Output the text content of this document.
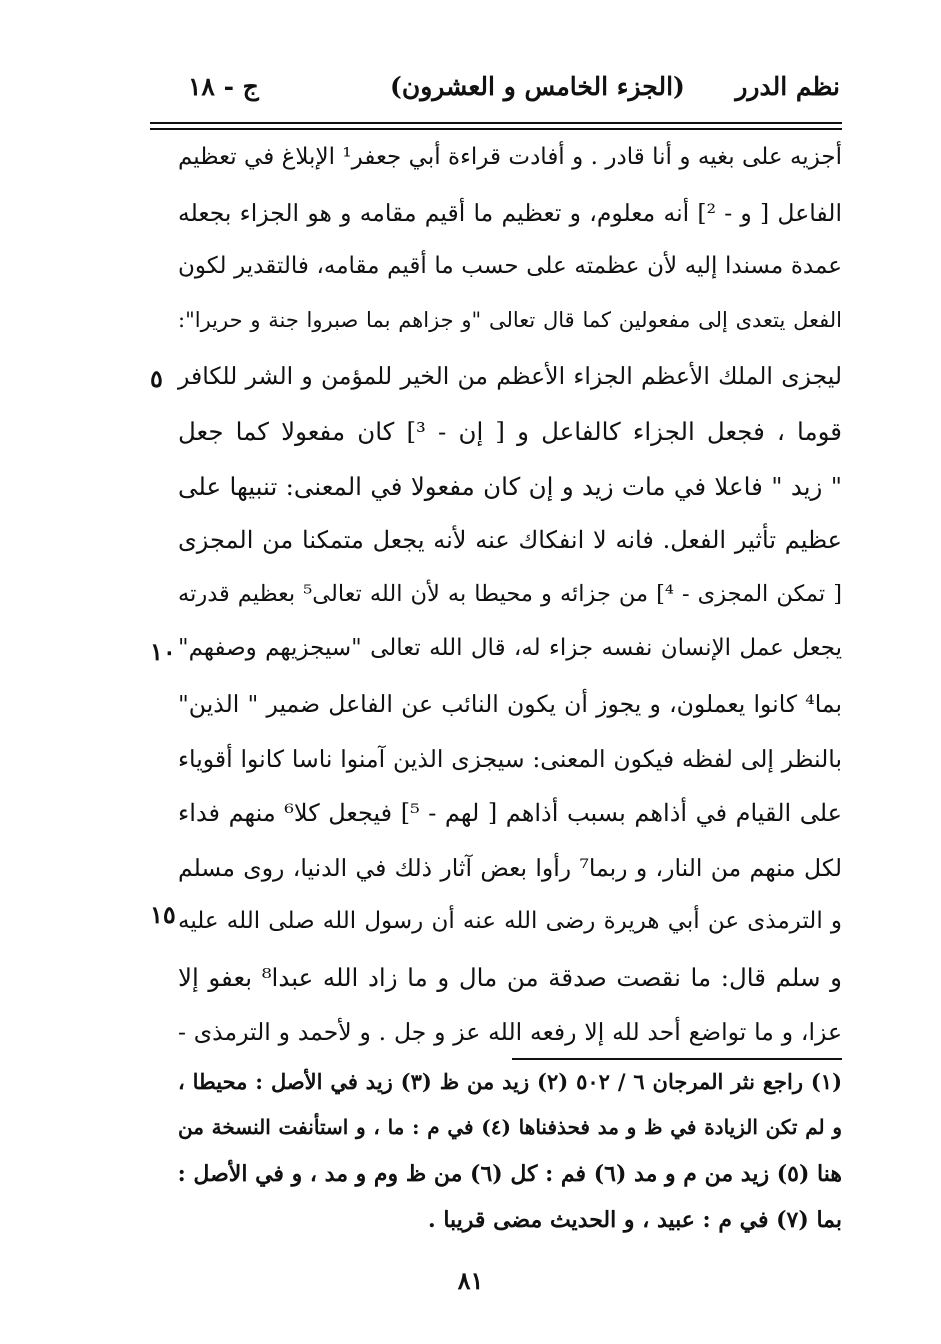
نظم الدرر
(الجزء الخامس و العشرون)
ج - ١٨
أجزيه على بغيه و أنا قادر . و أفادت قراءة أبي جعفر¹ الإبلاغ في تعظيم
الفاعل [ و - ²] أنه معلوم، و تعظيم ما أقيم مقامه و هو الجزاء بجعله
عمدة مسندا إليه لأن عظمته على حسب ما أقيم مقامه، فالتقدير لكون
الفعل يتعدى إلى مفعولين كما قال تعالى "و جزاهم بما صبروا جنة و حريرا":
ليجزى الملك الأعظم الجزاء الأعظم من الخير للمؤمن و الشر للكافر
قوما ، فجعل الجزاء كالفاعل و [ إن - ³] كان مفعولا كما جعل
" زيد " فاعلا في مات زيد و إن كان مفعولا في المعنى: تنبيها على
عظيم تأثير الفعل. فانه لا انفكاك عنه لأنه يجعل متمكنا من المجزى
[ تمكن المجزى - ⁴] من جزائه و محيطا به لأن الله تعالى⁵ بعظيم قدرته
يجعل عمل الإنسان نفسه جزاء له، قال الله تعالى "سيجزيهم وصفهم"
بما⁴ كانوا يعملون، و يجوز أن يكون النائب عن الفاعل ضمير " الذين"
بالنظر إلى لفظه فيكون المعنى: سيجزى الذين آمنوا ناسا كانوا أقوياء
على القيام في أذاهم بسبب أذاهم [ لهم - ⁵] فيجعل كلا⁶ منهم فداء
لكل منهم من النار، و ربما⁷ رأوا بعض آثار ذلك في الدنيا، روى مسلم
و الترمذى عن أبي هريرة رضى الله عنه أن رسول الله صلى الله عليه
و سلم قال: ما نقصت صدقة من مال و ما زاد الله عبدا⁸ بعفو إلا
عزا، و ما تواضع أحد لله إلا رفعه الله عز و جل . و لأحمد و الترمذى -
٥
١٠
١٥
(١) راجع نثر المرجان ٦ / ٥٠٢ (٢) زيد من ظ (٣) زيد في الأصل : محيطا ،
و لم تكن الزيادة في ظ و مد فحذفناها (٤) في م : ما ، و استأنفت النسخة من
هنا (٥) زيد من م و مد (٦) فم : كل (٦) من ظ وم و مد ، و في الأصل :
بما (٧) في م : عبيد ، و الحديث مضى قريبا .
٨١
